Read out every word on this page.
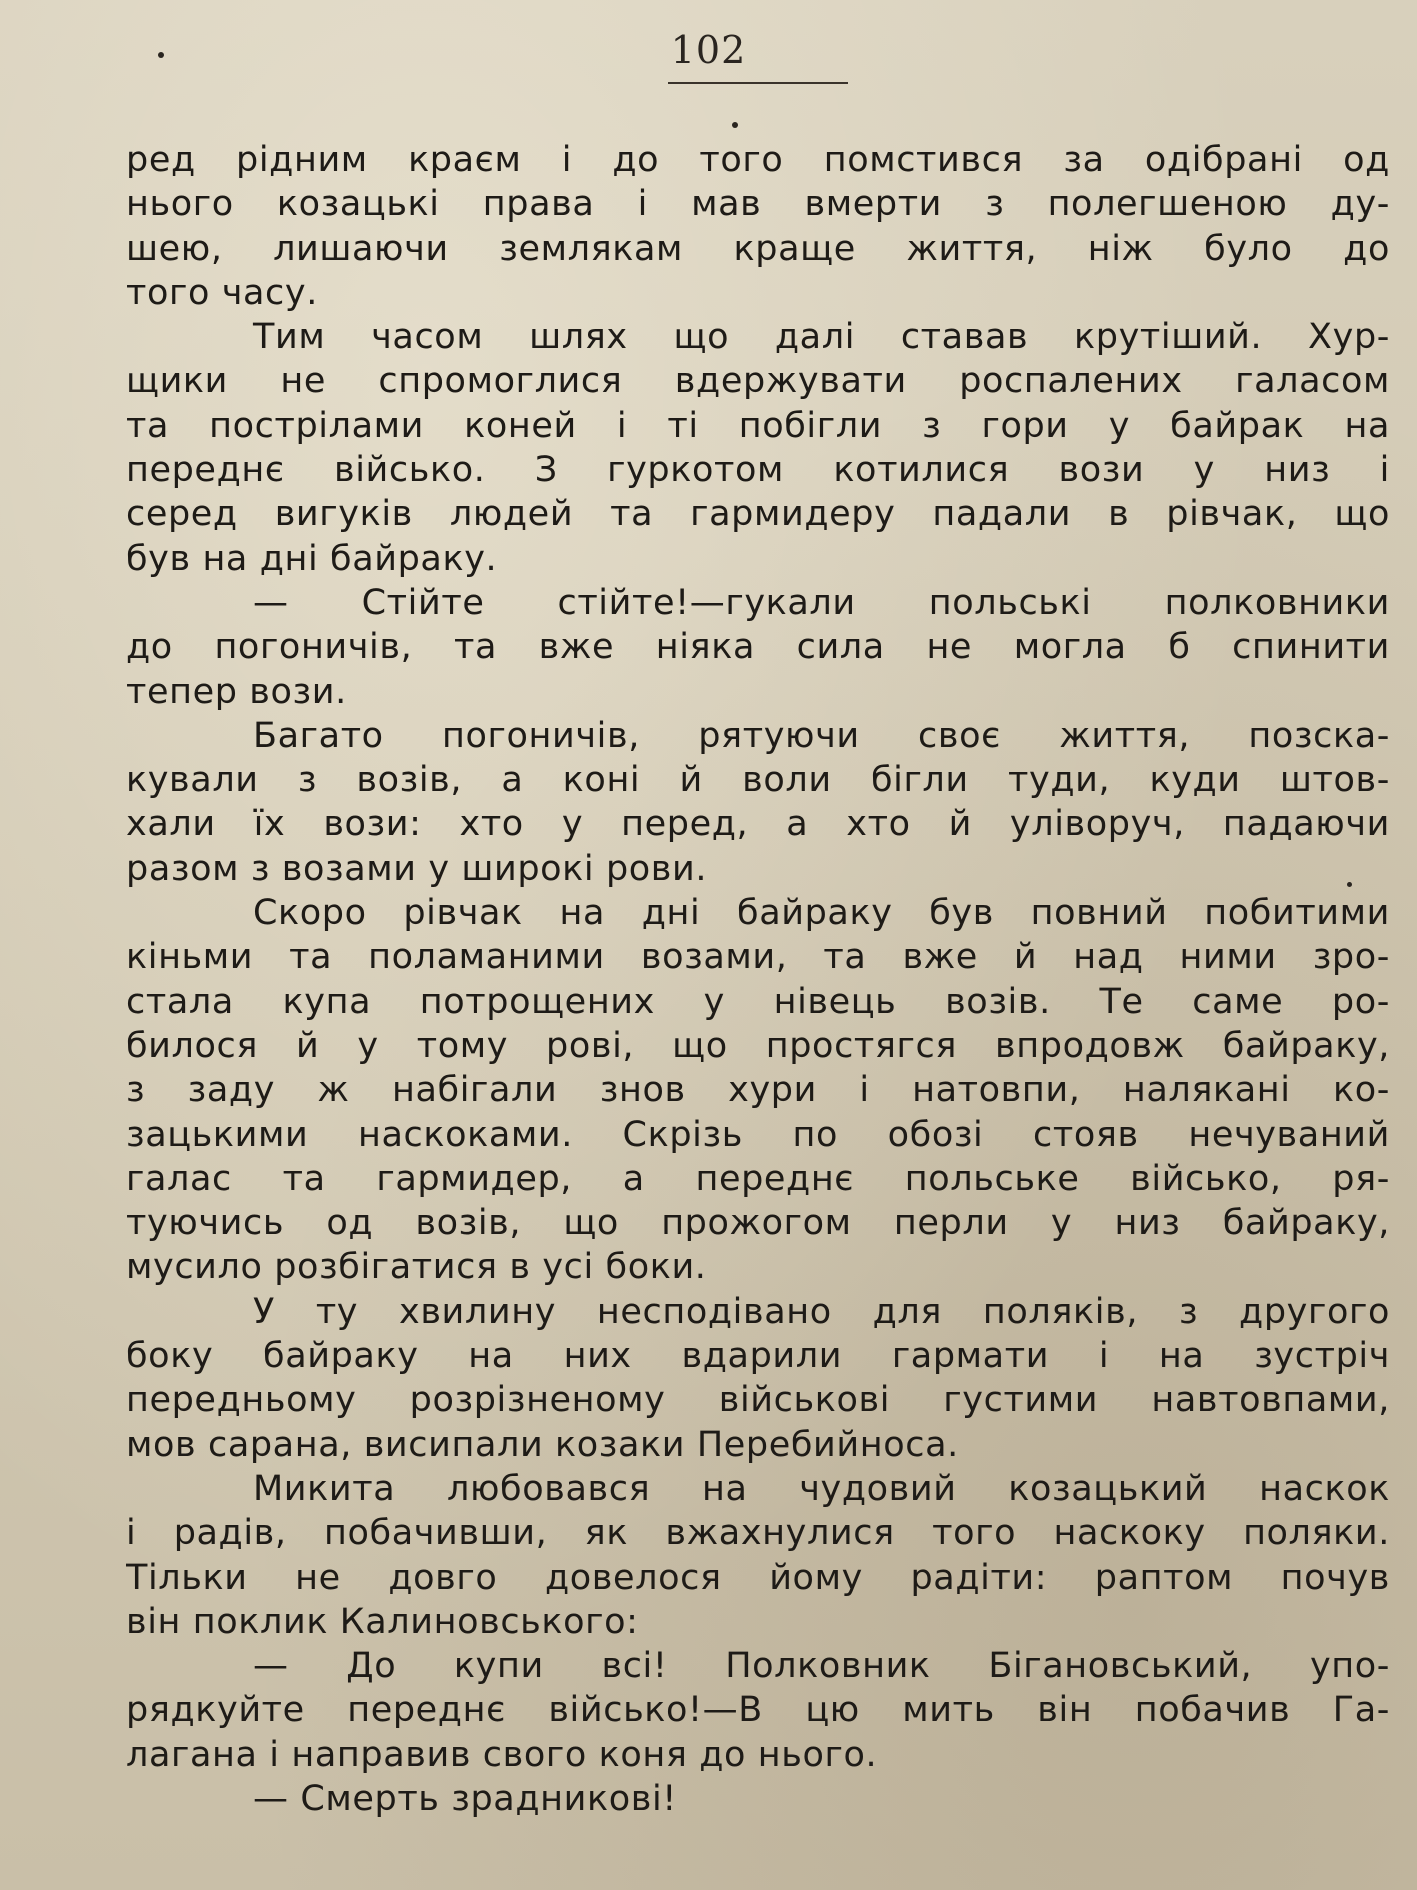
102
ред рідним краєм і до того помстився за одібрані од
нього козацькі права і мав вмерти з полегшеною ду-
шею, лишаючи землякам краще життя, ніж було до
того часу.
Тим часом шлях що далі ставав крутіший. Хур-
щики не спромоглися вдержувати роспалених галасом
та пострілами коней і ті побігли з гори у байрак на
переднє військо. З гуркотом котилися вози у низ і
серед вигуків людей та гармидеру падали в рівчак, що
був на дні байраку.
— Стійте стійте!—гукали польські полковники
до погоничів, та вже ніяка сила не могла б спинити
тепер вози.
Багато погоничів, рятуючи своє життя, позска-
кували з возів, а коні й воли бігли туди, куди штов-
хали їх вози: хто у перед, а хто й уліворуч, падаючи
разом з возами у широкі рови.
Скоро рівчак на дні байраку був повний побитими
кіньми та поламаними возами, та вже й над ними зро-
стала купа потрощених у нівець возів. Те саме ро-
билося й у тому рові, що простягся впродовж байраку,
з заду ж набігали знов хури і натовпи, налякані ко-
зацькими наскоками. Скрізь по обозі стояв нечуваний
галас та гармидер, а переднє польське військо, ря-
туючись од возів, що прожогом перли у низ байраку,
мусило розбігатися в усі боки.
У ту хвилину несподівано для поляків, з другого
боку байраку на них вдарили гармати і на зустріч
передньому розрізненому військові густими навтовпами,
мов сарана, висипали козаки Перебийноса.
Микита любовався на чудовий козацький наскок
і радів, побачивши, як вжахнулися того наскоку поляки.
Тільки не довго довелося йому радіти: раптом почув
він поклик Калиновського:
— До купи всі! Полковник Бігановський, упо-
рядкуйте переднє військо!—В цю мить він побачив Га-
лагана і направив свого коня до нього.
— Смерть зрадникові!
